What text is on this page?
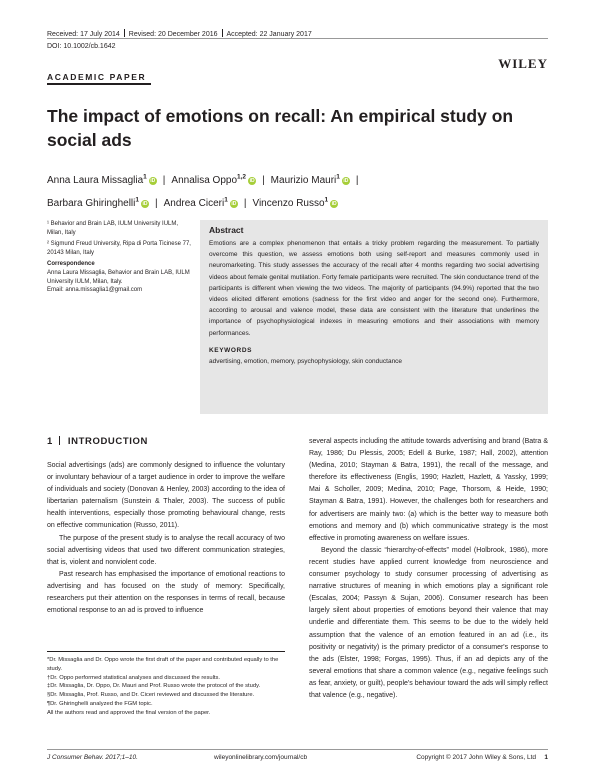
Received: 17 July 2014 Revised: 20 December 2016 Accepted: 22 January 2017
DOI: 10.1002/cb.1642
WILEY
ACADEMIC PAPER
The impact of emotions on recall: An empirical study on social ads
Anna Laura Missaglia$^1$iD | Annalisa Oppo$^{1,2}$iD | Maurizio Mauri$^1$iD |
Barbara Ghiringhelli$^1$iD | Andrea Ciceri$^1$iD | Vincenzo Russo$^1$iD

¹ Behavior and Brain LAB, IULM University IULM, Milan, Italy

² Sigmund Freud University, Ripa di Porta Ticinese 77, 20143 Milan, Italy

Correspondence

Anna Laura Missaglia, Behavior and Brain LAB, IULM University IULM, Milan, Italy.

Email: anna.missaglia1@gmail.com

Abstract
Emotions are a complex phenomenon that entails a tricky problem regarding the measurement. To partially overcome this question, we assess emotions both using self-report and measures commonly used in neuromarketing. This study assesses the accuracy of the recall after 4 months regarding two social advertising videos about female genital mutilation. Forty female participants were recruited. The skin conductance trend of the participants is different when viewing the two videos. The majority of participants (94.9%) reported that the two videos elicited different emotions (sadness for the first video and anger for the second one). Furthermore, according to arousal and valence model, these data are consistent with the literature that underlines the importance of psychophysiological indexes in measuring emotions and their associations with memory performances.
KEYWORDS
advertising, emotion, memory, psychophysiology, skin conductance
1 INTRODUCTION

Social advertisings (ads) are commonly designed to influence the voluntary or involuntary behaviour of a target audience in order to improve the welfare of individuals and society (Donovan & Henley, 2003) according to the idea of libertarian paternalism (Sunstein & Thaler, 2003). The success of public health interventions, especially those promoting behavioural change, rests on effective communication (Russo, 2011).

The purpose of the present study is to analyse the recall accuracy of two social advertising videos that used two different communication strategies, that is, violent and nonviolent code.

Past research has emphasised the importance of emotional reactions to advertising and has focused on the study of memory: Specifically, researchers put their attention on the responses in terms of recall, because emotional response to an ad is proved to influence

several aspects including the attitude towards advertising and brand (Batra & Ray, 1986; Du Plessis, 2005; Edell & Burke, 1987; Hall, 2002), attention (Medina, 2010; Stayman & Batra, 1991), the recall of the message, and therefore its effectiveness (Englis, 1990; Hazlett, Hazlett, & Yassky, 1999; Mai & Scholler, 2009; Medina, 2010; Page, Thorsom, & Heide, 1990; Stayman & Batra, 1991). However, the challenges both for researchers and for advertisers are mainly two: (a) which is the better way to measure both emotions and memory and (b) which communicative strategy is the most effective in promoting awareness on welfare issues.

Beyond the classic “hierarchy-of-effects” model (Holbrook, 1986), more recent studies have applied current knowledge from neuroscience and consumer psychology to study consumer processing of advertising as narrative structures of meaning in which emotions play a significant role (Escalas, 2004; Passyn & Sujan, 2006). Consumer research has been largely silent about properties of emotions beyond their valence that may underlie and differentiate them. This seems to be due to the widely held assumption that the valence of an emotion featured in an ad (i.e., its positivity or negativity) is the primary predictor of a consumer's response to the ads (Elster, 1998; Forgas, 1995). Thus, if an ad depicts any of the several emotions that share a common valence (e.g., negative feelings such as fear, anxiety, or guilt), people's behaviour toward the ads will simply reflect that valence (e.g., negative).

*Dr. Missaglia and Dr. Oppo wrote the first draft of the paper and contributed equally to the study.
†Dr. Oppo performed statistical analyses and discussed the results.
‡Dr. Missaglia, Dr. Oppo, Dr. Mauri and Prof. Russo wrote the protocol of the study.
§Dr. Missaglia, Prof. Russo, and Dr. Ciceri reviewed and discussed the literature.
¶Dr. Ghiringhelli analyzed the FGM topic.
All the authors read and approved the final version of the paper.
J Consumer Behav. 2017;1–10.	wileyonlinelibrary.com/journal/cb	Copyright © 2017 John Wiley & Sons, Ltd 1
